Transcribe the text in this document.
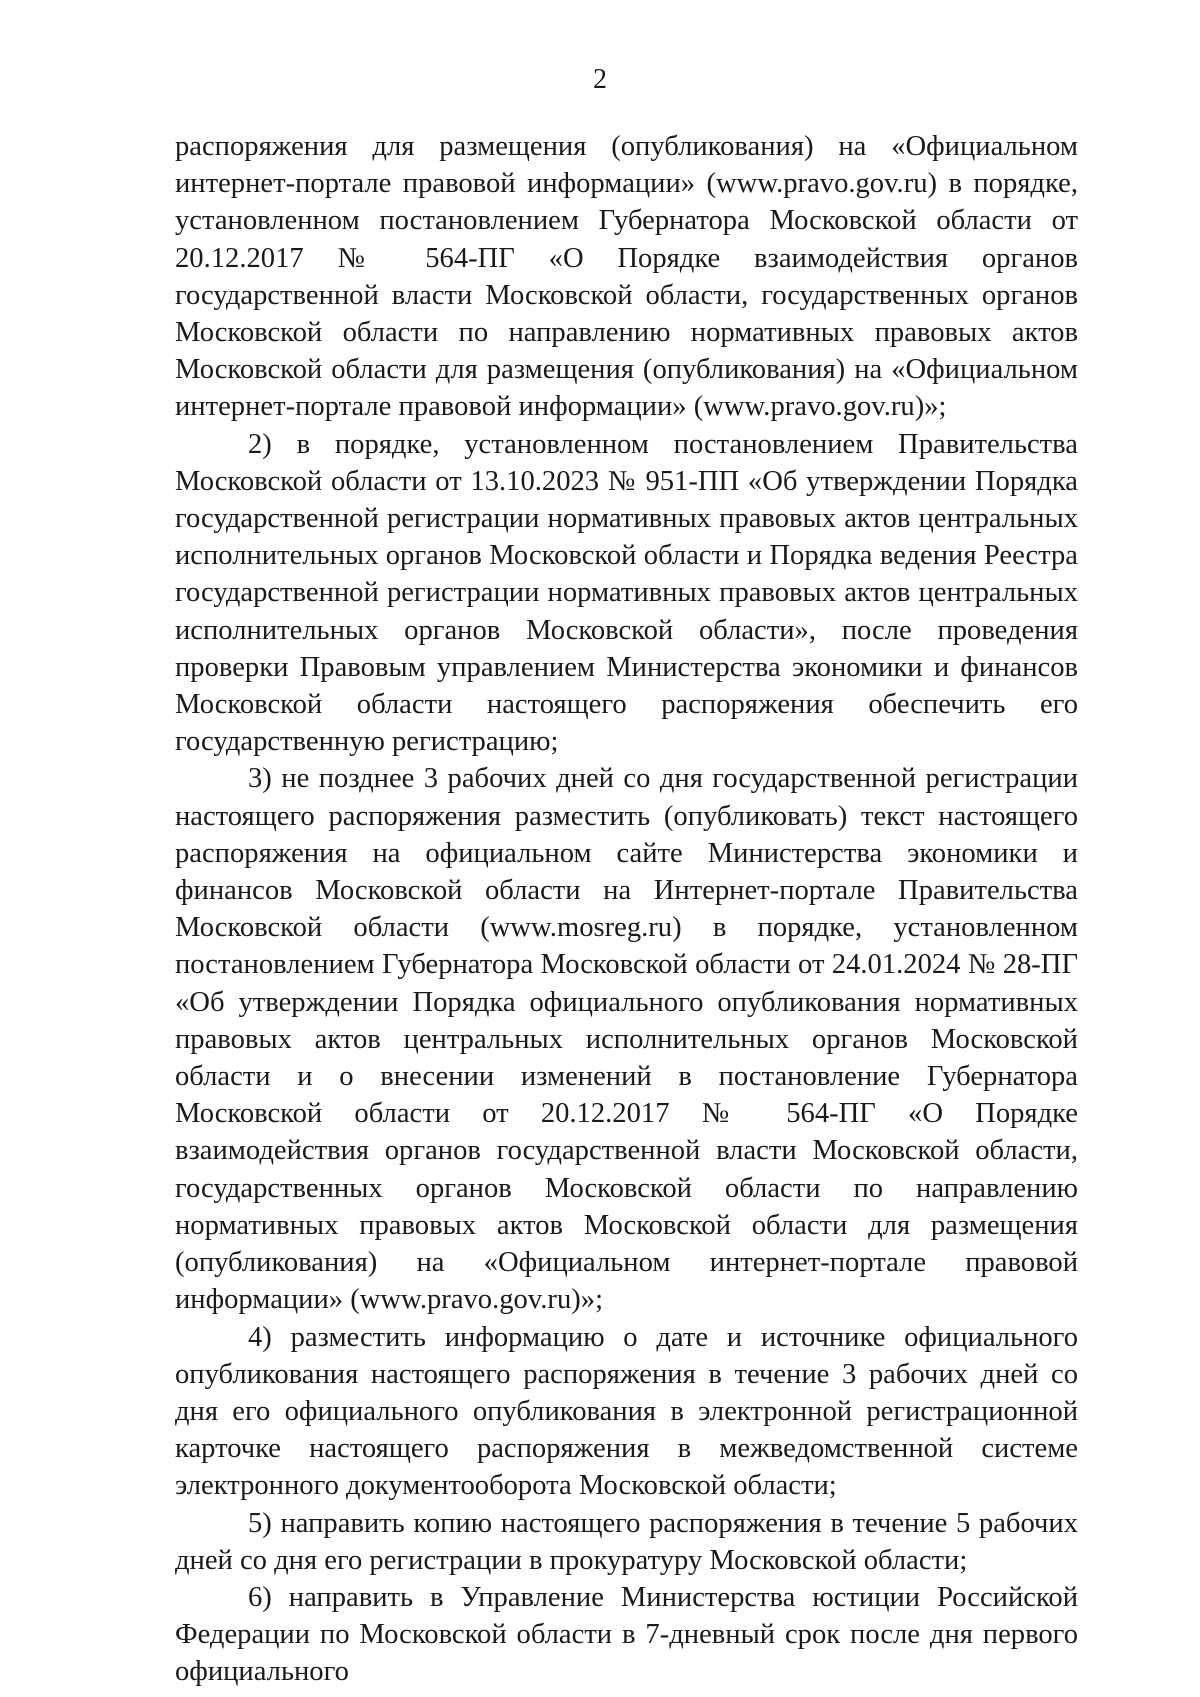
2

распоряжения для размещения (опубликования) на «Официальном интернет-портале правовой информации» (www.pravo.gov.ru) в порядке, установленном постановлением Губернатора Московской области от 20.12.2017 № 564-ПГ «О Порядке взаимодействия органов государственной власти Московской области, государственных органов Московской области по направлению нормативных правовых актов Московской области для размещения (опубликования) на «Официальном интернет-портале правовой информации» (www.pravo.gov.ru)»;

2) в порядке, установленном постановлением Правительства Московской области от 13.10.2023 № 951-ПП «Об утверждении Порядка государственной регистрации нормативных правовых актов центральных исполнительных органов Московской области и Порядка ведения Реестра государственной регистрации нормативных правовых актов центральных исполнительных органов Московской области», после проведения проверки Правовым управлением Министерства экономики и финансов Московской области настоящего распоряжения обеспечить его государственную регистрацию;

3) не позднее 3 рабочих дней со дня государственной регистрации настоящего распоряжения разместить (опубликовать) текст настоящего распоряжения на официальном сайте Министерства экономики и финансов Московской области на Интернет-портале Правительства Московской области (www.mosreg.ru) в порядке, установленном постановлением Губернатора Московской области от 24.01.2024 № 28-ПГ «Об утверждении Порядка официального опубликования нормативных правовых актов центральных исполнительных органов Московской области и о внесении изменений в постановление Губернатора Московской области от 20.12.2017 № 564-ПГ «О Порядке взаимодействия органов государственной власти Московской области, государственных органов Московской области по направлению нормативных правовых актов Московской области для размещения (опубликования) на «Официальном интернет-портале правовой информации» (www.pravo.gov.ru)»;

4) разместить информацию о дате и источнике официального опубликования настоящего распоряжения в течение 3 рабочих дней со дня его официального опубликования в электронной регистрационной карточке настоящего распоряжения в межведомственной системе электронного документооборота Московской области;

5) направить копию настоящего распоряжения в течение 5 рабочих дней со дня его регистрации в прокуратуру Московской области;

6) направить в Управление Министерства юстиции Российской Федерации по Московской области в 7-дневный срок после дня первого официального
